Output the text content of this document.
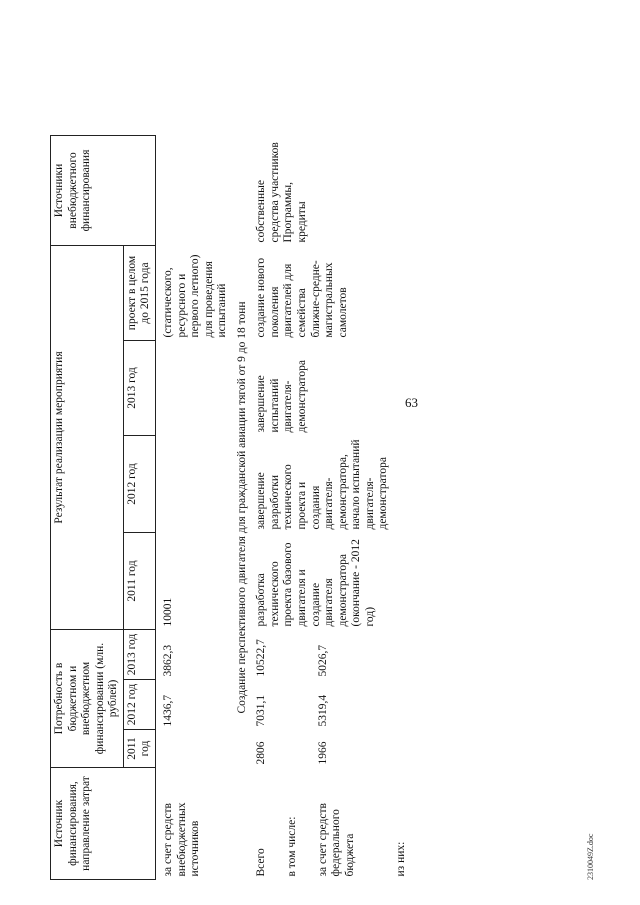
63
2310049Z.doc
Источник финансирования, направление затрат	Потребность в бюджетном и внебюджетном финансировании (млн. рублей)			Результат реализации мероприятия				Источники внебюджетного финансирования
	2011 год	2012 год	2013 год	2011 год	2012 год	2013 год	проект в целом до 2015 года	
за счет средств внебюджетных источников		1436,7	3862,3	10001			(статического, ресурсного и первого летного) для проведения испытаний	
Создание перспективного двигателя для гражданской авиации тягой от 9 до 18 тонн								
Всего	2806	7031,1	10522,7	разработка технического проекта базового двигателя и создание двигателя демонстратора (окончание - 2012 год)	завершение разработки технического проекта и создания двигателя-демонстратора, начало испытаний двигателя-демонстратора	завершение испытаний двигателя-демонстратора	создание нового поколения двигателей для семейства ближне-средне-магистральных самолетов	собственные средства участников Программы, кредиты
в том числе:								
за счет средств федерального бюджета	1966	5319,4	5026,7					
из них:								
